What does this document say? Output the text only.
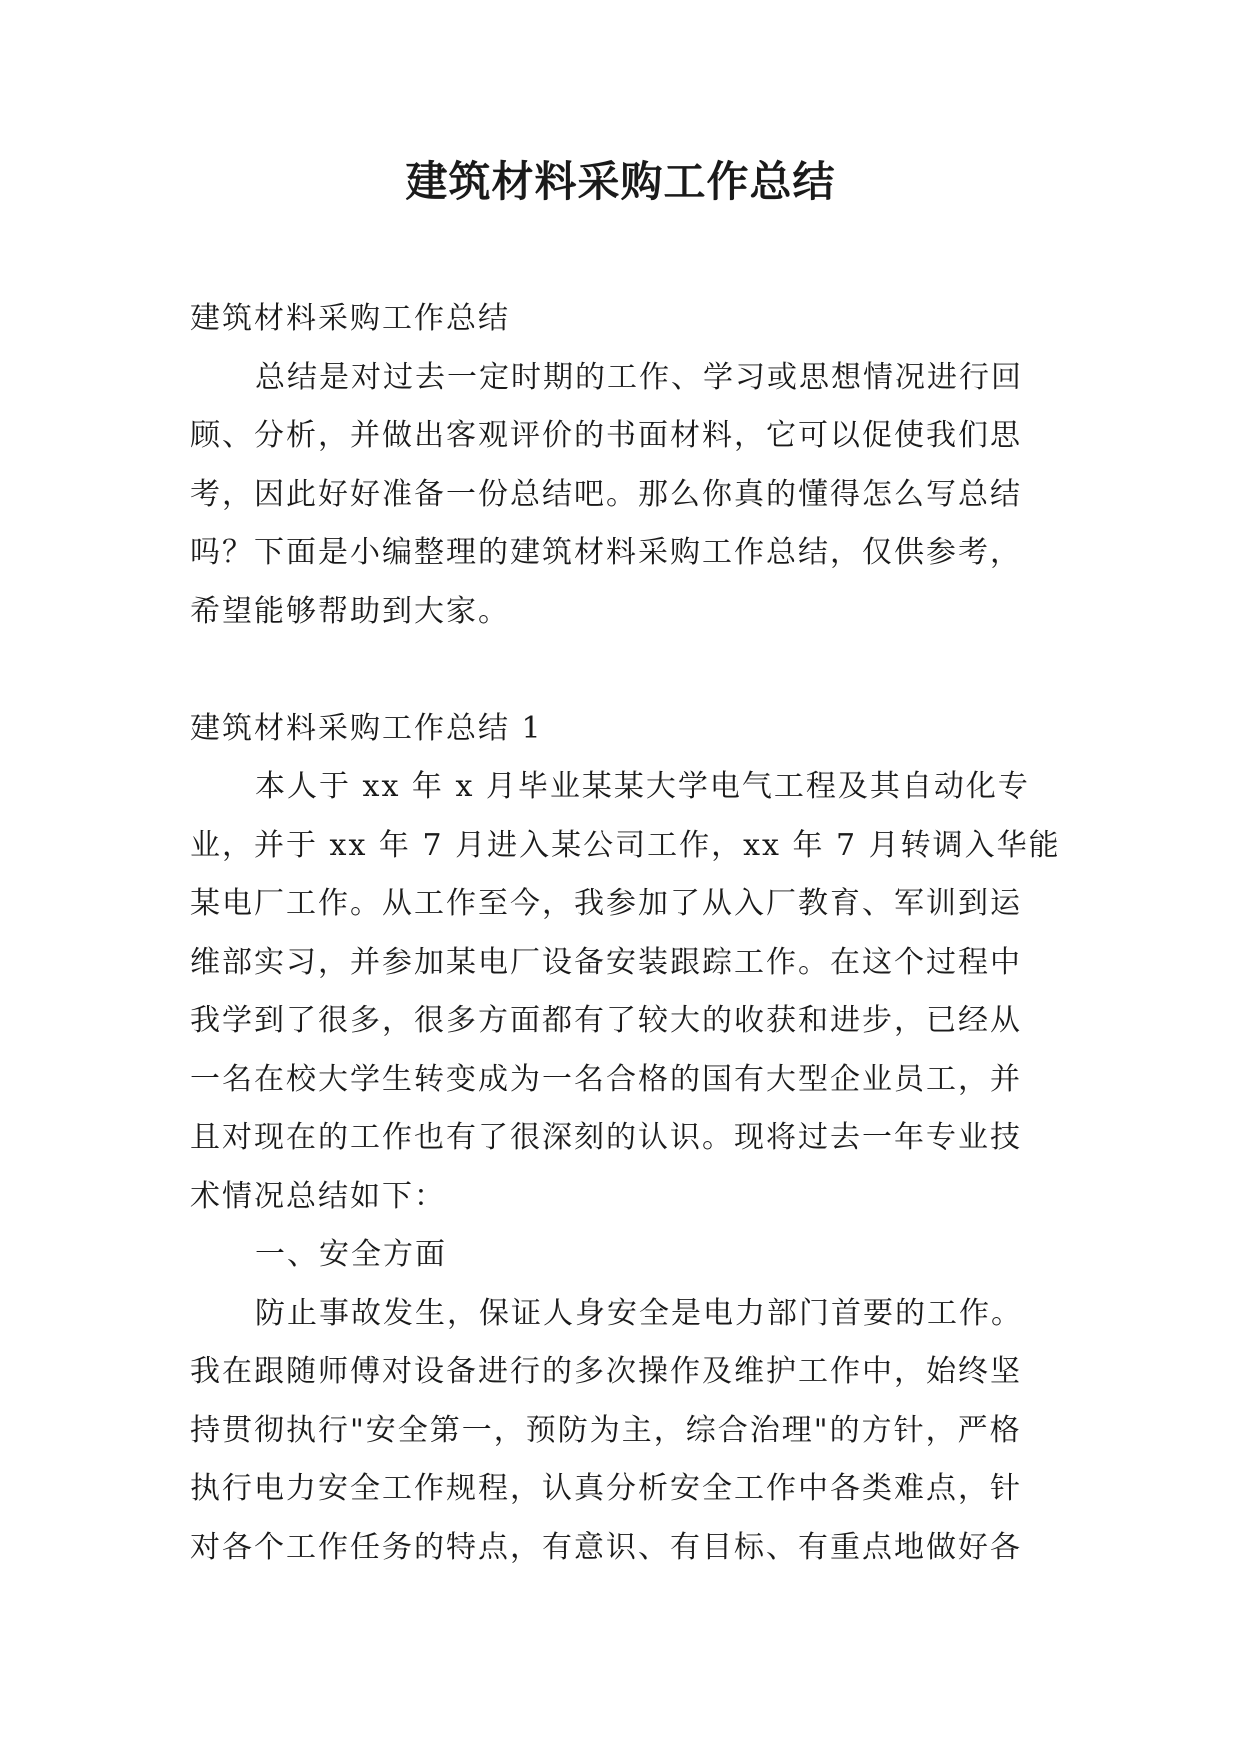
建筑材料采购工作总结
建筑材料采购工作总结
总结是对过去一定时期的工作、学习或思想情况进行回
顾、分析，并做出客观评价的书面材料，它可以促使我们思
考，因此好好准备一份总结吧。那么你真的懂得怎么写总结
吗？下面是小编整理的建筑材料采购工作总结，仅供参考，
希望能够帮助到大家。
建筑材料采购工作总结 1
本人于 xx 年 x 月毕业某某大学电气工程及其自动化专
业，并于 xx 年 7 月进入某公司工作，xx 年 7 月转调入华能
某电厂工作。从工作至今，我参加了从入厂教育、军训到运
维部实习，并参加某电厂设备安装跟踪工作。在这个过程中
我学到了很多，很多方面都有了较大的收获和进步，已经从
一名在校大学生转变成为一名合格的国有大型企业员工，并
且对现在的工作也有了很深刻的认识。现将过去一年专业技
术情况总结如下：
一、安全方面
防止事故发生，保证人身安全是电力部门首要的工作。
我在跟随师傅对设备进行的多次操作及维护工作中，始终坚
持贯彻执行"安全第一，预防为主，综合治理"的方针，严格
执行电力安全工作规程，认真分析安全工作中各类难点，针
对各个工作任务的特点，有意识、有目标、有重点地做好各
